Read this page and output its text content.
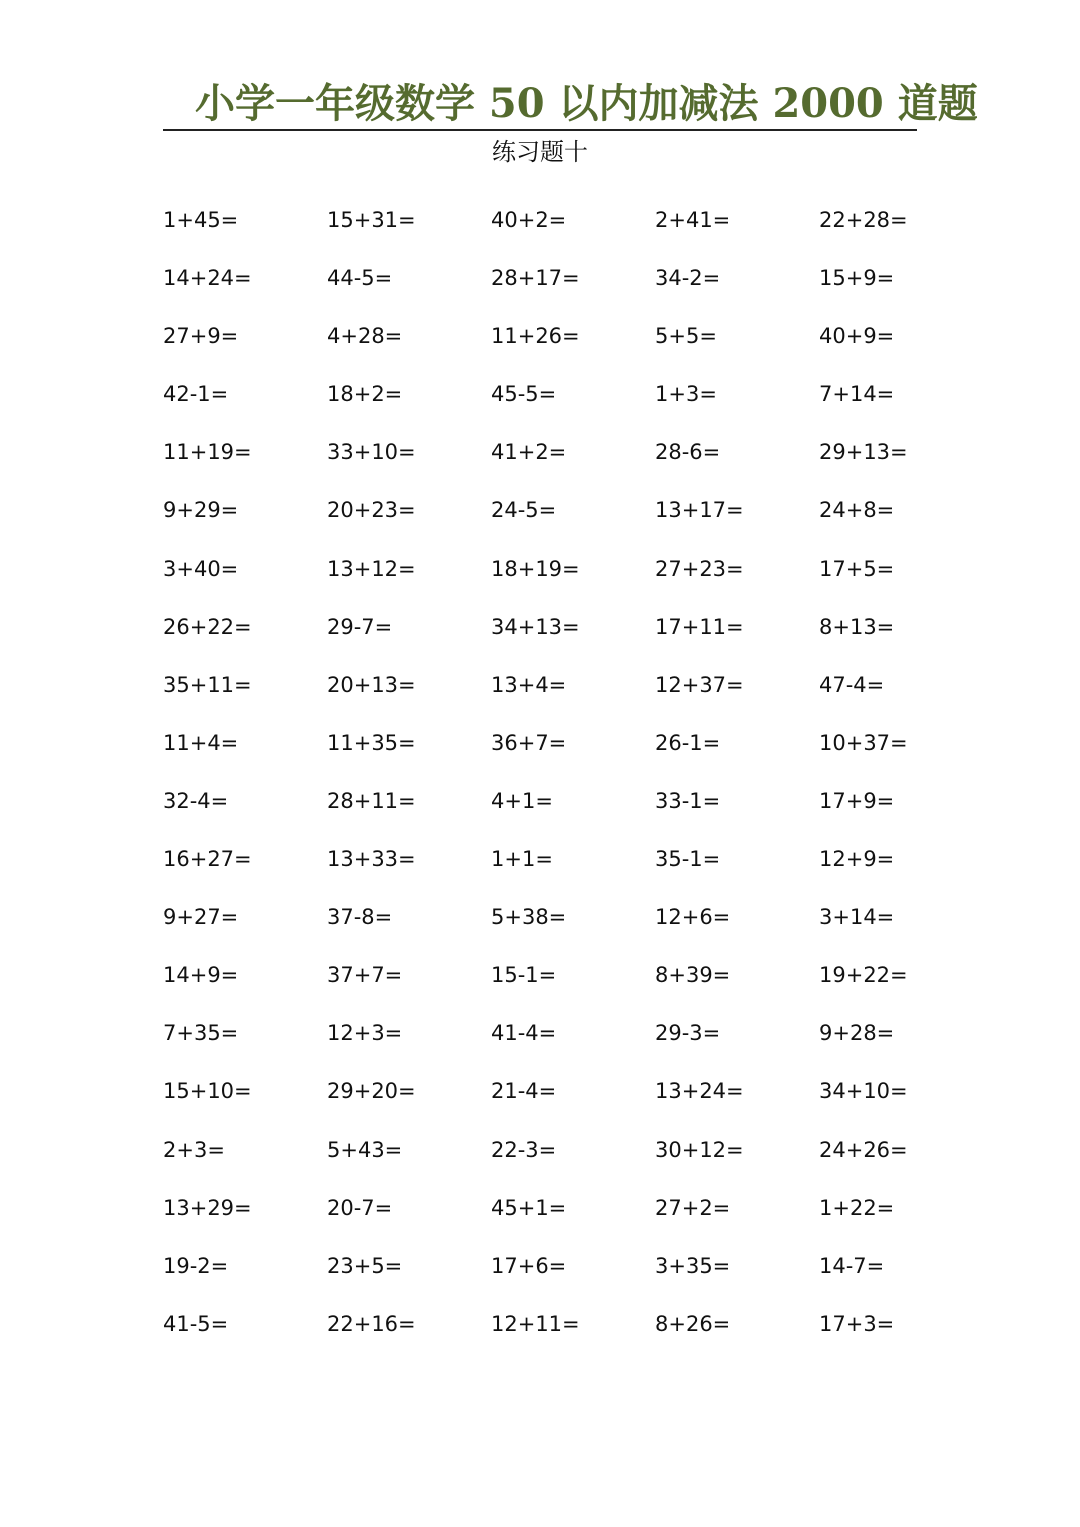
小学一年级数学 50 以内加减法 2000 道题
练习题十
1+45=	15+31=	40+2=	2+41=	22+28=
14+24=	44-5=	28+17=	34-2=	15+9=
27+9=	4+28=	11+26=	5+5=	40+9=
42-1=	18+2=	45-5=	1+3=	7+14=
11+19=	33+10=	41+2=	28-6=	29+13=
9+29=	20+23=	24-5=	13+17=	24+8=
3+40=	13+12=	18+19=	27+23=	17+5=
26+22=	29-7=	34+13=	17+11=	8+13=
35+11=	20+13=	13+4=	12+37=	47-4=
11+4=	11+35=	36+7=	26-1=	10+37=
32-4=	28+11=	4+1=	33-1=	17+9=
16+27=	13+33=	1+1=	35-1=	12+9=
9+27=	37-8=	5+38=	12+6=	3+14=
14+9=	37+7=	15-1=	8+39=	19+22=
7+35=	12+3=	41-4=	29-3=	9+28=
15+10=	29+20=	21-4=	13+24=	34+10=
2+3=	5+43=	22-3=	30+12=	24+26=
13+29=	20-7=	45+1=	27+2=	1+22=
19-2=	23+5=	17+6=	3+35=	14-7=
41-5=	22+16=	12+11=	8+26=	17+3=
